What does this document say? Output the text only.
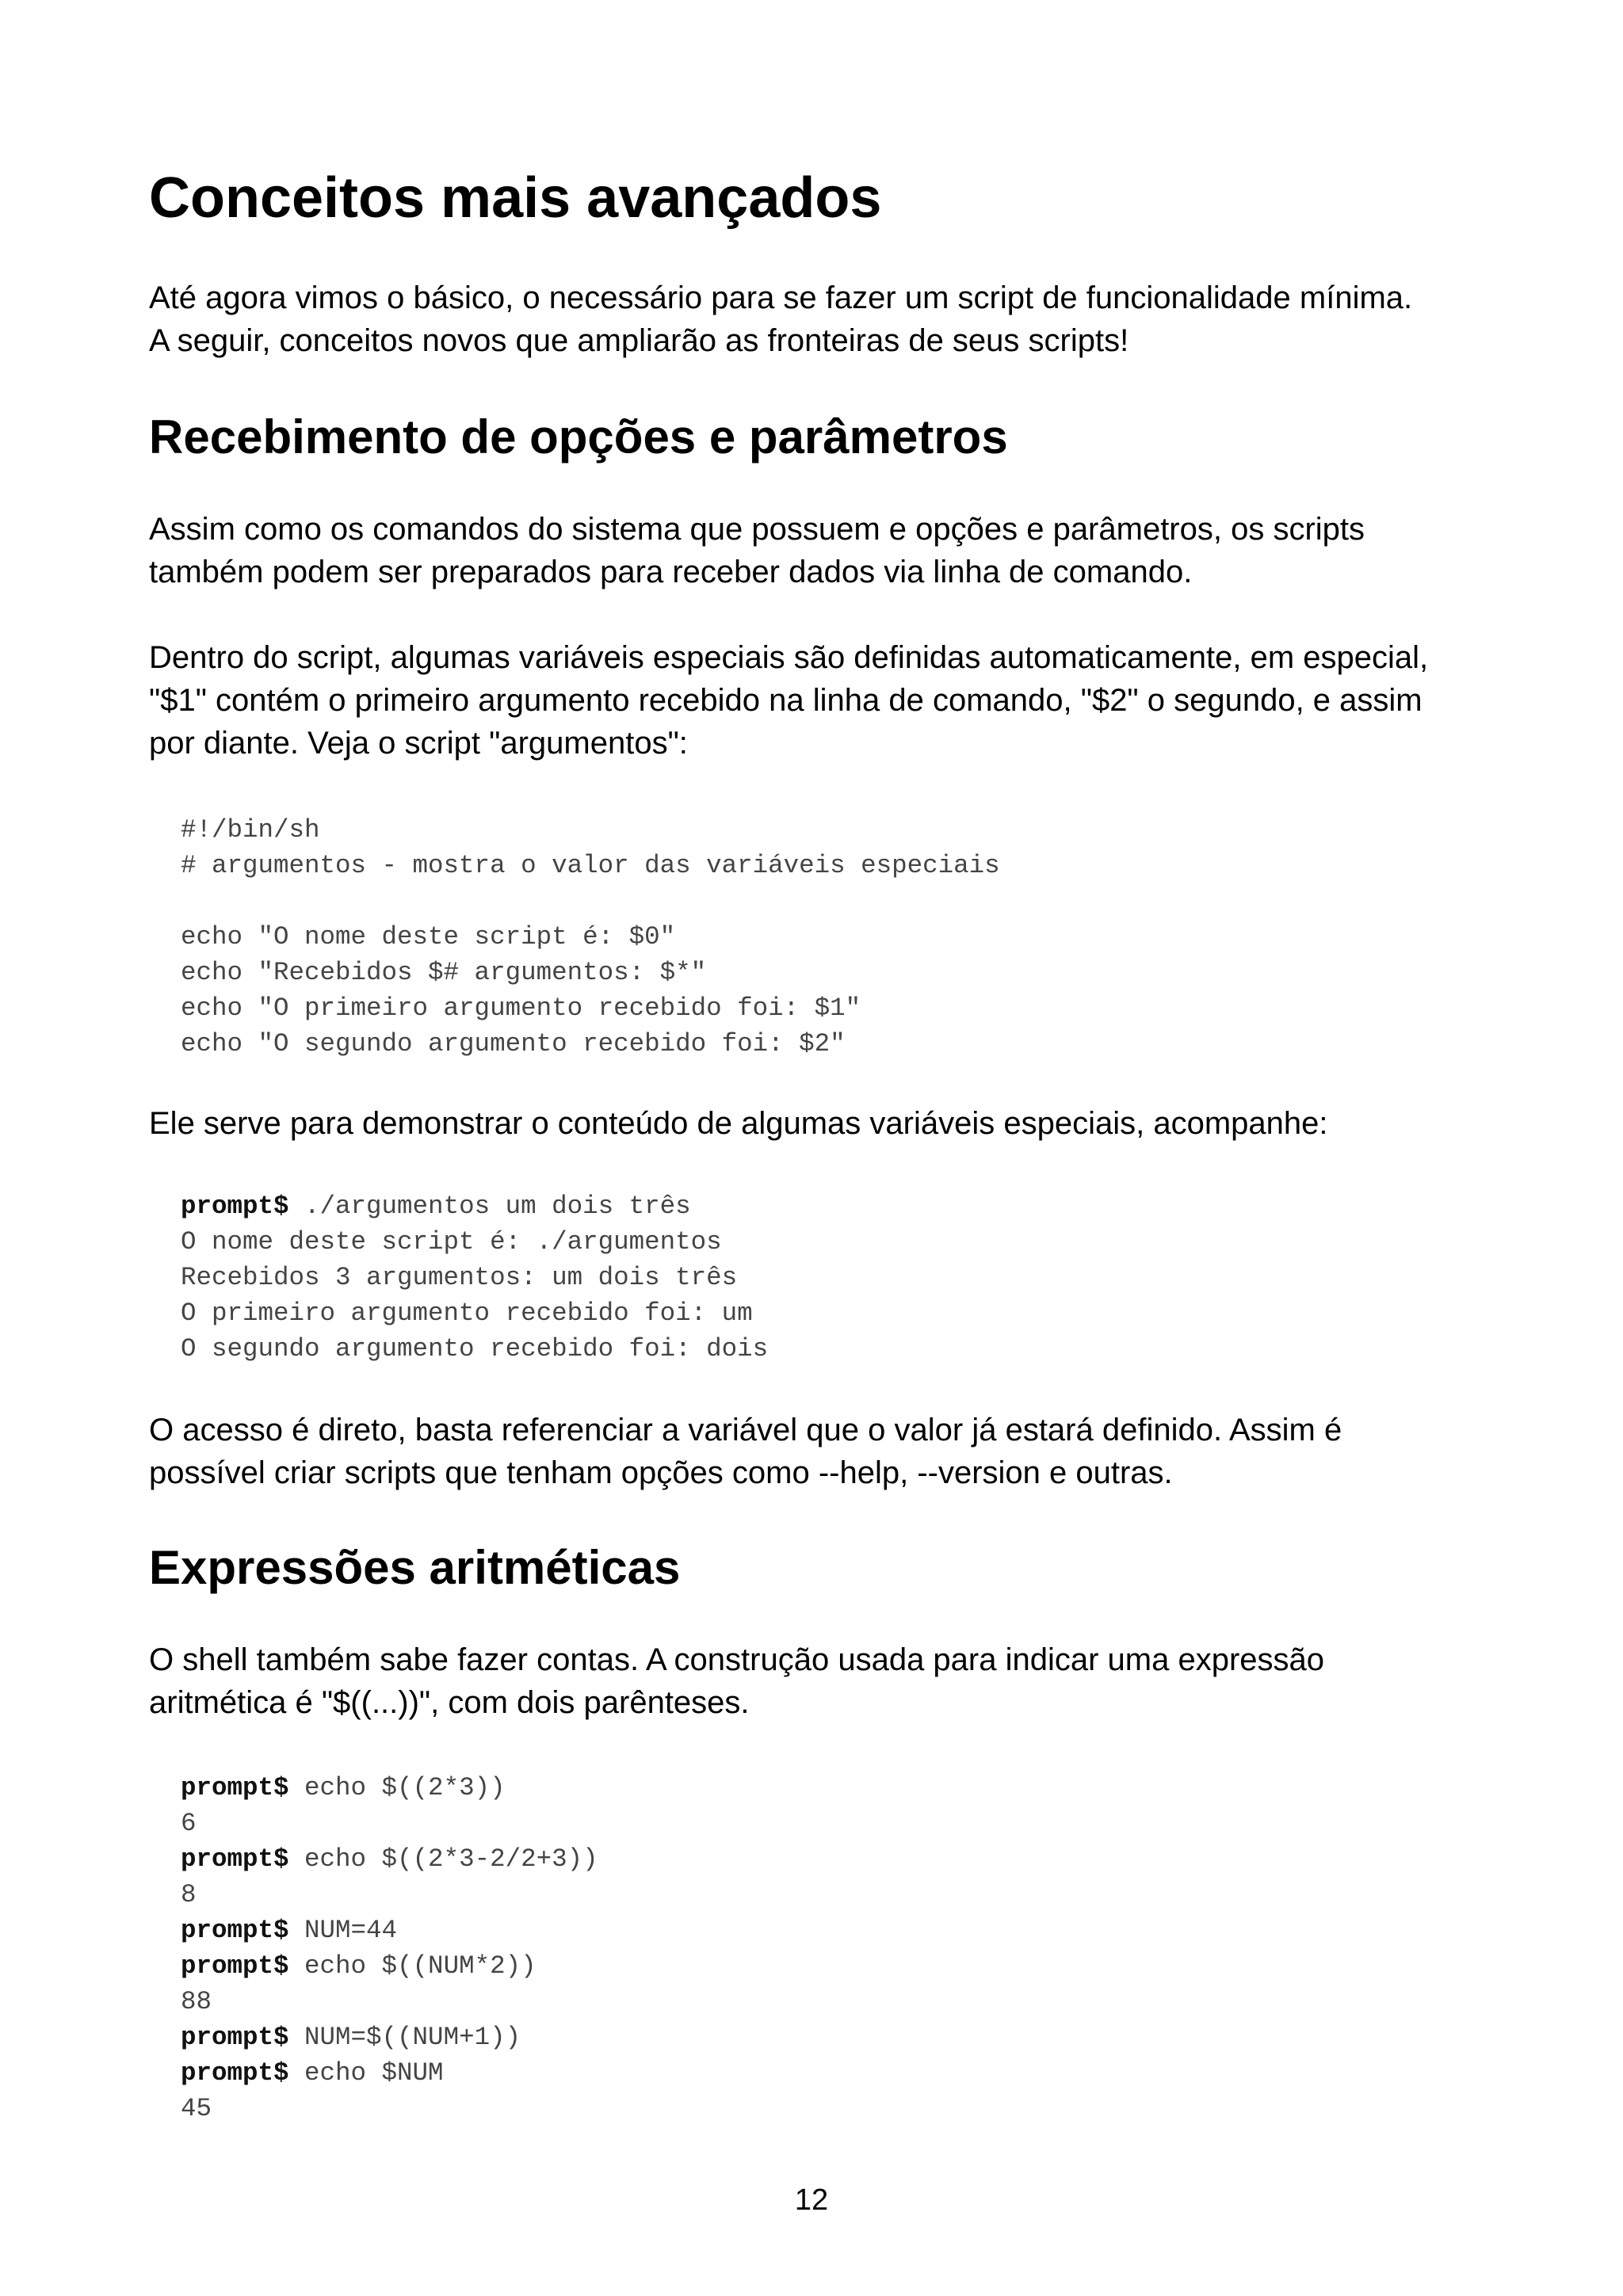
Conceitos mais avançados

Até agora vimos o básico, o necessário para se fazer um script de funcionalidade mínima.
A seguir, conceitos novos que ampliarão as fronteiras de seus scripts!

Recebimento de opções e parâmetros

Assim como os comandos do sistema que possuem e opções e parâmetros, os scripts
também podem ser preparados para receber dados via linha de comando.

Dentro do script, algumas variáveis especiais são definidas automaticamente, em especial,
"$1" contém o primeiro argumento recebido na linha de comando, "$2" o segundo, e assim
por diante. Veja o script "argumentos":

#!/bin/sh
# argumentos - mostra o valor das variáveis especiais

echo "O nome deste script é: $0"
echo "Recebidos $# argumentos: $*"
echo "O primeiro argumento recebido foi: $1"
echo "O segundo argumento recebido foi: $2"

Ele serve para demonstrar o conteúdo de algumas variáveis especiais, acompanhe:

prompt$ ./argumentos um dois três
O nome deste script é: ./argumentos
Recebidos 3 argumentos: um dois três
O primeiro argumento recebido foi: um
O segundo argumento recebido foi: dois

O acesso é direto, basta referenciar a variável que o valor já estará definido. Assim é
possível criar scripts que tenham opções como --help, --version e outras.

Expressões aritméticas

O shell também sabe fazer contas. A construção usada para indicar uma expressão
aritmética é "$((...))", com dois parênteses.

prompt$ echo $((2*3))
6
prompt$ echo $((2*3-2/2+3))
8
prompt$ NUM=44
prompt$ echo $((NUM*2))
88
prompt$ NUM=$((NUM+1))
prompt$ echo $NUM
45
12
